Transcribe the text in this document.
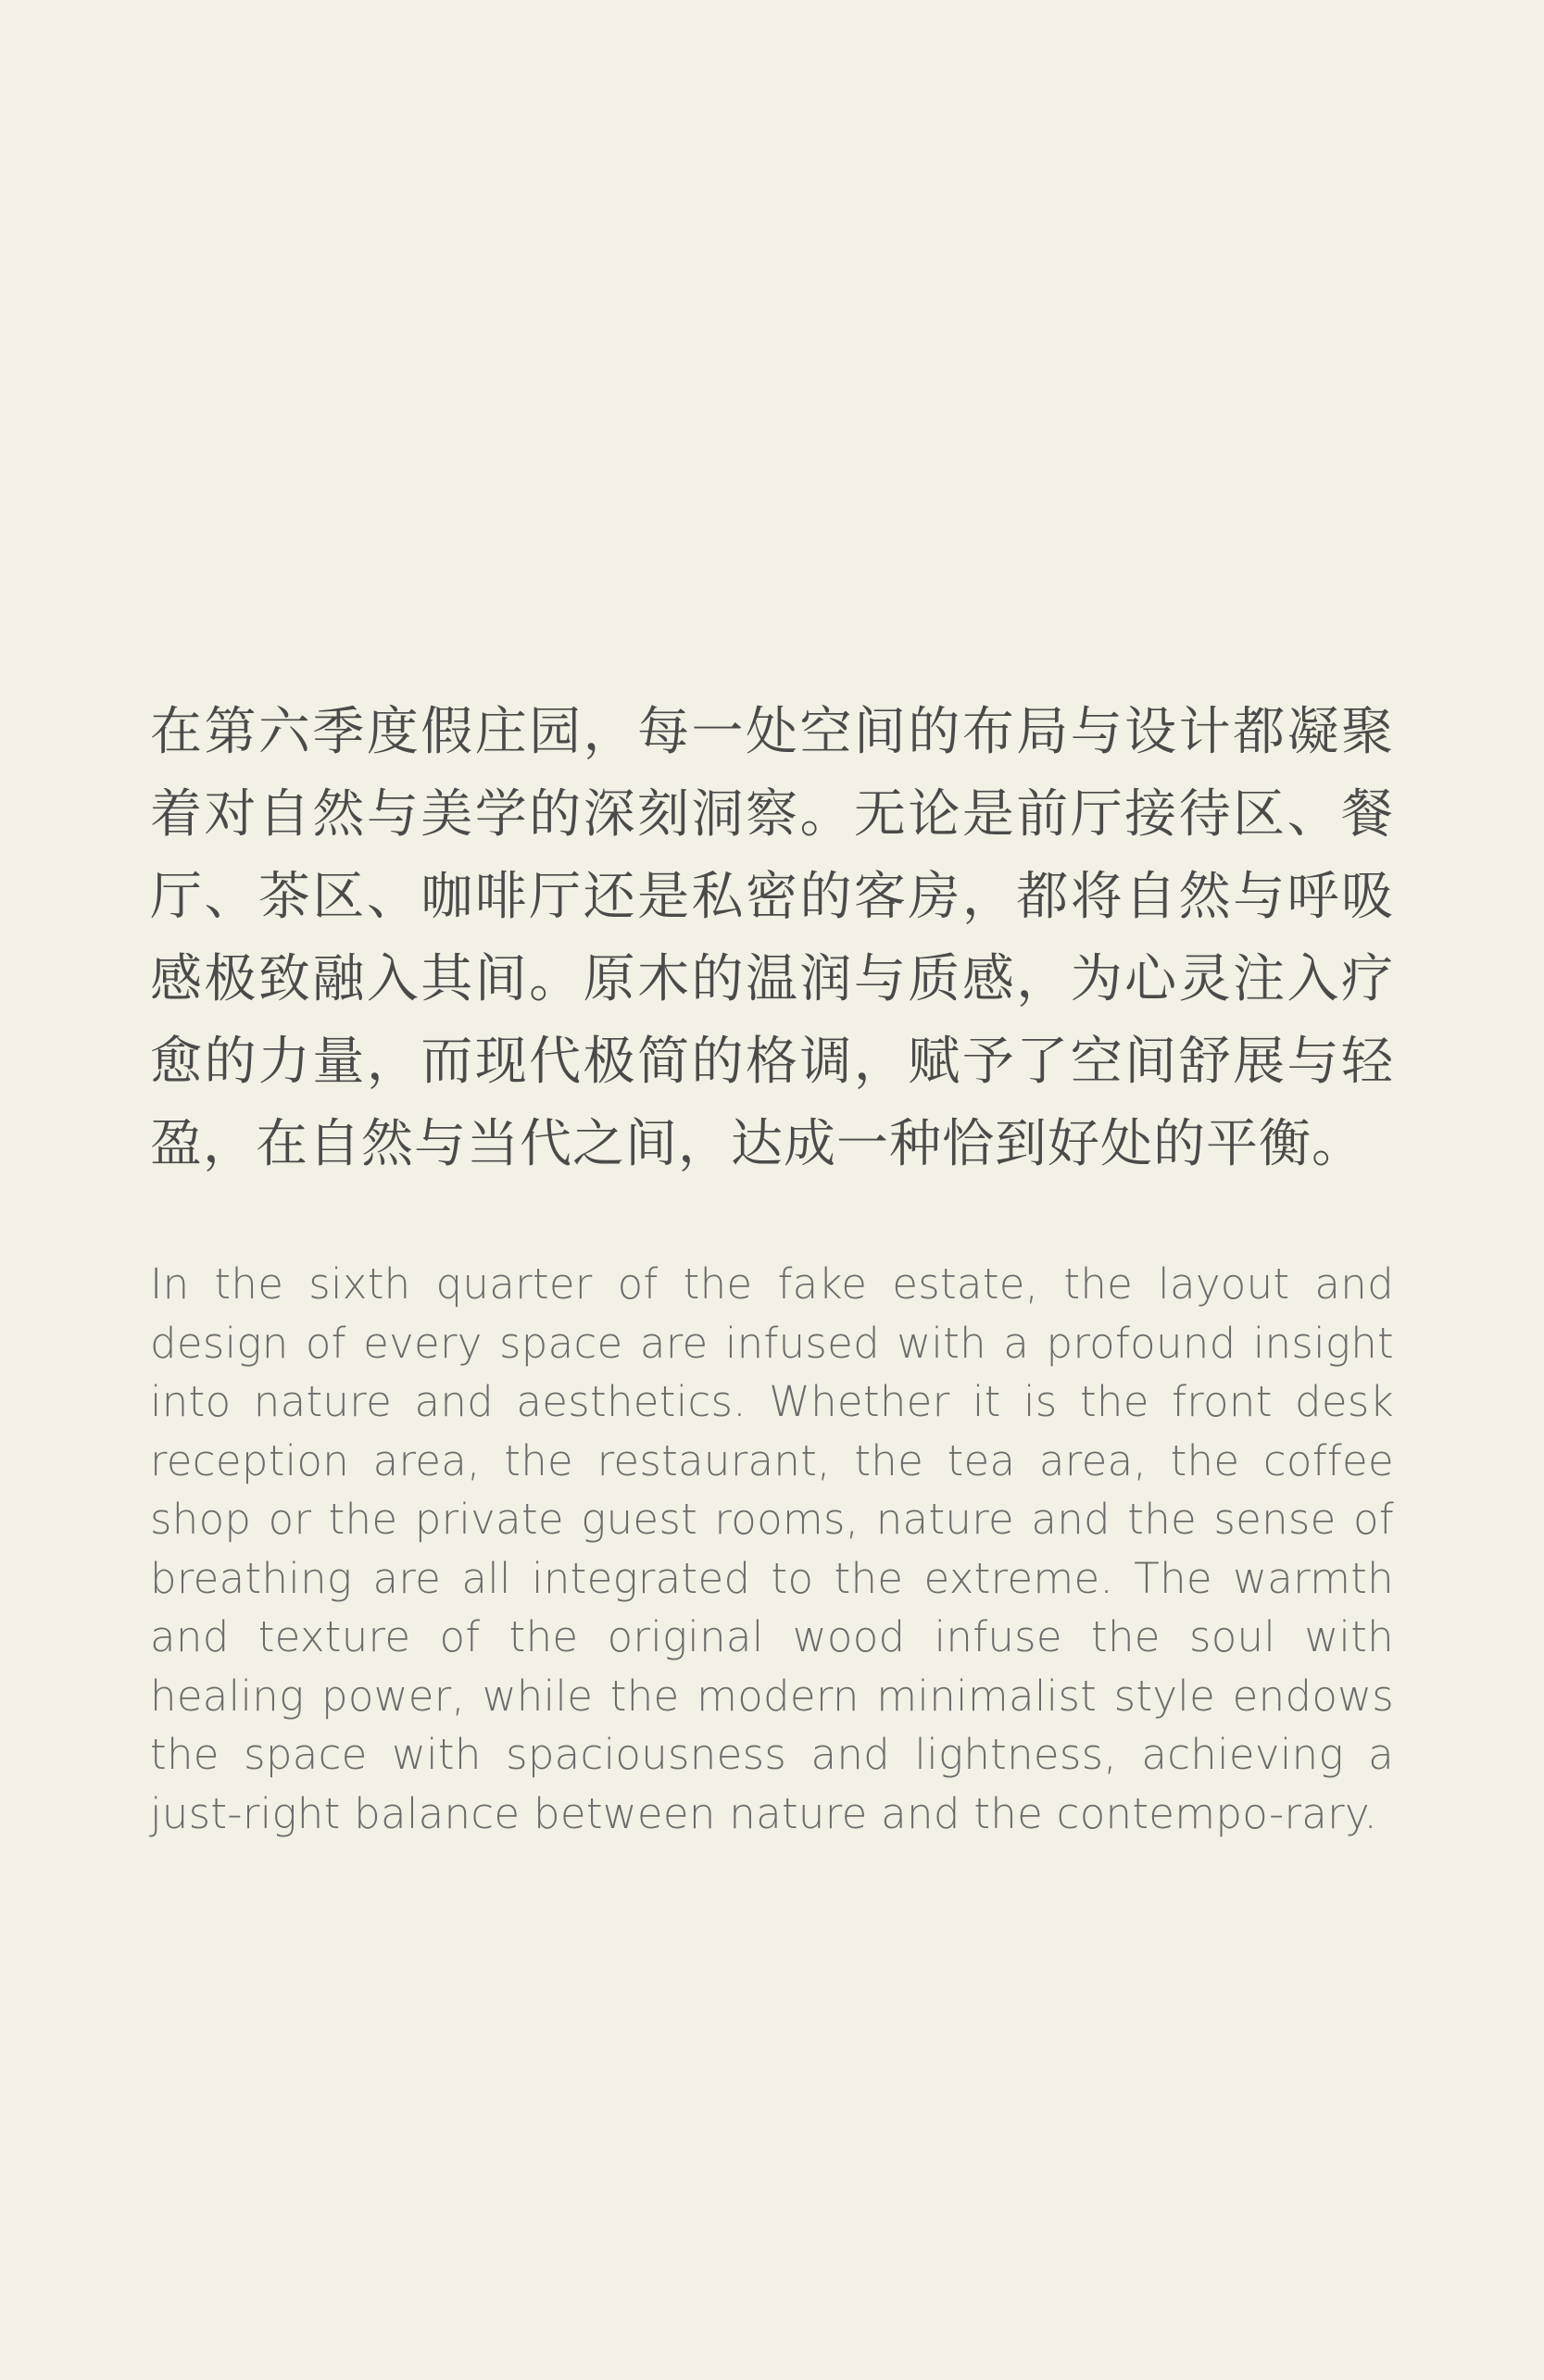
在第六季度假庄园，每一处空间的布局与设计都凝聚着对自然与美学的深刻洞察。无论是前厅接待区、餐厅、茶区、咖啡厅还是私密的客房，都将自然与呼吸感极致融入其间。原木的温润与质感，为心灵注入疗愈的力量，而现代极简的格调，赋予了空间舒展与轻盈，在自然与当代之间，达成一种恰到好处的平衡。

In the sixth quarter of the fake estate, the layout and design of every space are infused with a profound insight into nature and aesthetics. Whether it is the front desk reception area, the restaurant, the tea area, the coffee shop or the private guest rooms, nature and the sense of breathing are all integrated to the extreme. The warmth and texture of the original wood infuse the soul with healing power, while the modern minimalist style endows the space with spaciousness and lightness, achieving a just-right balance between nature and the contempo-rary.
